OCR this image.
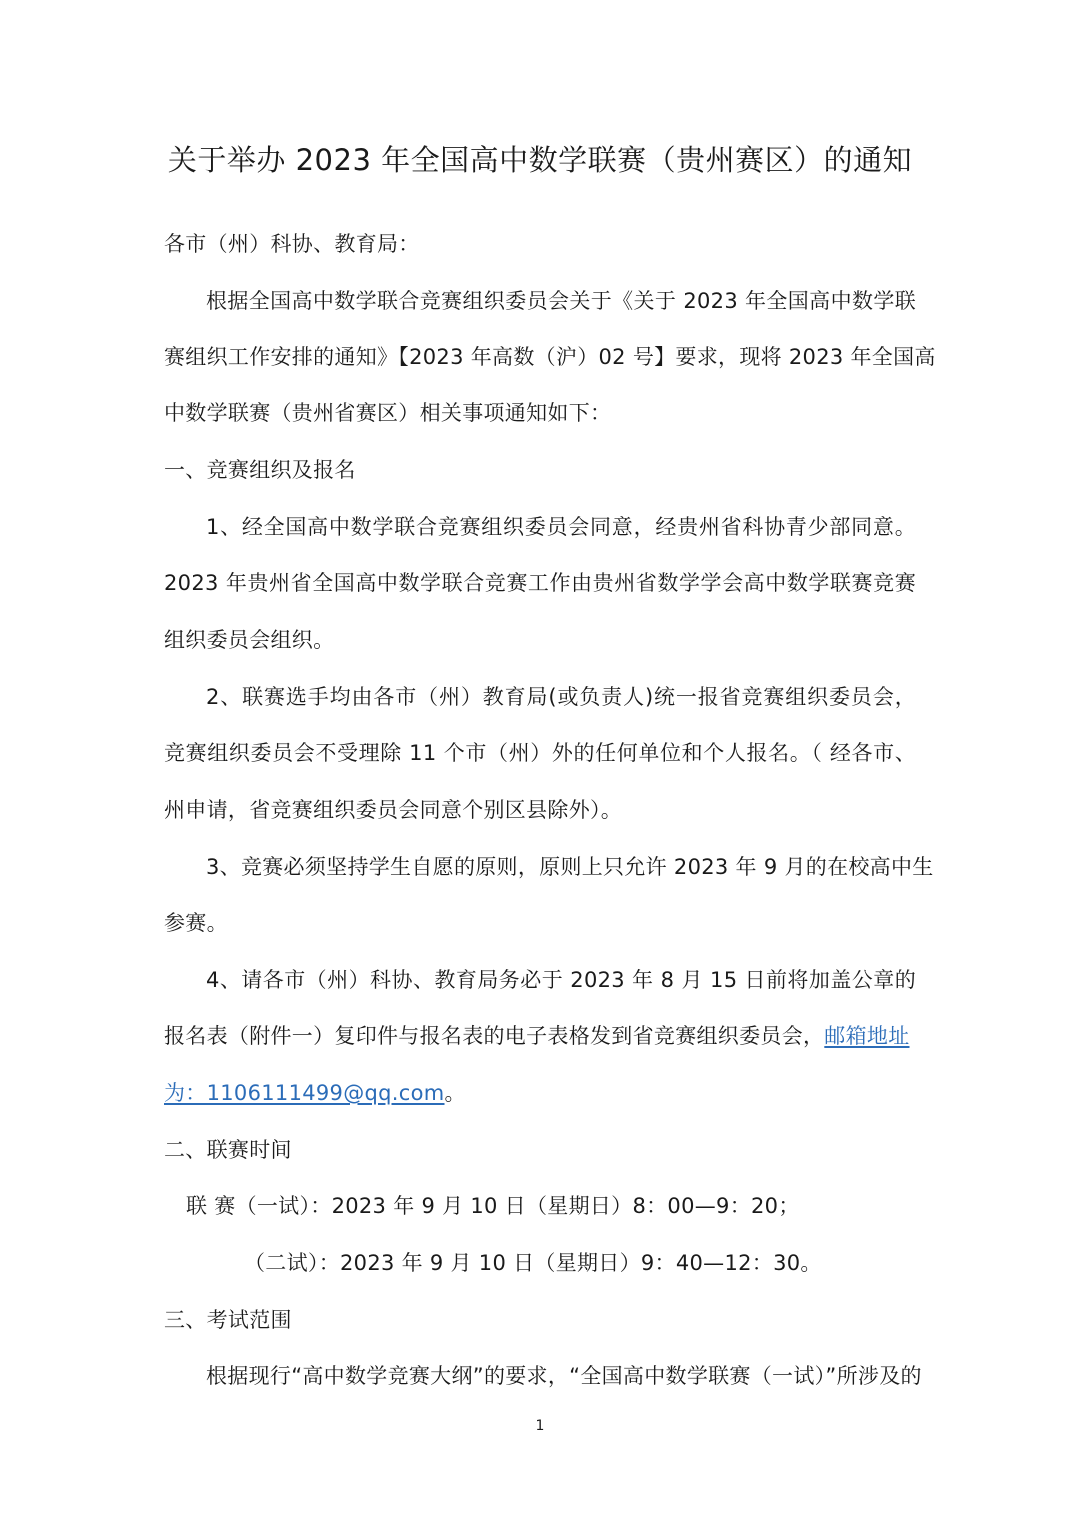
关于举办 2023 年全国高中数学联赛（贵州赛区）的通知
各市（州）科协、教育局：
根据全国高中数学联合竞赛组织委员会关于《关于 2023 年全国高中数学联
赛组织工作安排的通知》【2023 年高数（沪）02 号】要求，现将 2023 年全国高
中数学联赛（贵州省赛区）相关事项通知如下：
一、竞赛组织及报名
1、经全国高中数学联合竞赛组织委员会同意，经贵州省科协青少部同意。
2023 年贵州省全国高中数学联合竞赛工作由贵州省数学学会高中数学联赛竞赛
组织委员会组织。
2、联赛选手均由各市（州）教育局(或负责人)统一报省竞赛组织委员会，
竞赛组织委员会不受理除 11 个市（州）外的任何单位和个人报名。（ 经各市、
州申请，省竞赛组织委员会同意个别区县除外）。
3、竞赛必须坚持学生自愿的原则，原则上只允许 2023 年 9 月的在校高中生
参赛。
4、请各市（州）科协、教育局务必于 2023 年 8 月 15 日前将加盖公章的
报名表（附件一）复印件与报名表的电子表格发到省竞赛组织委员会，邮箱地址
为：1106111499@qq.com。
二、联赛时间
联 赛（一试）：2023 年 9 月 10 日（星期日）8：00—9：20；
（二试）：2023 年 9 月 10 日（星期日）9：40—12：30。
三、考试范围
根据现行“高中数学竞赛大纲”的要求，“全国高中数学联赛（一试）”所涉及的
1
